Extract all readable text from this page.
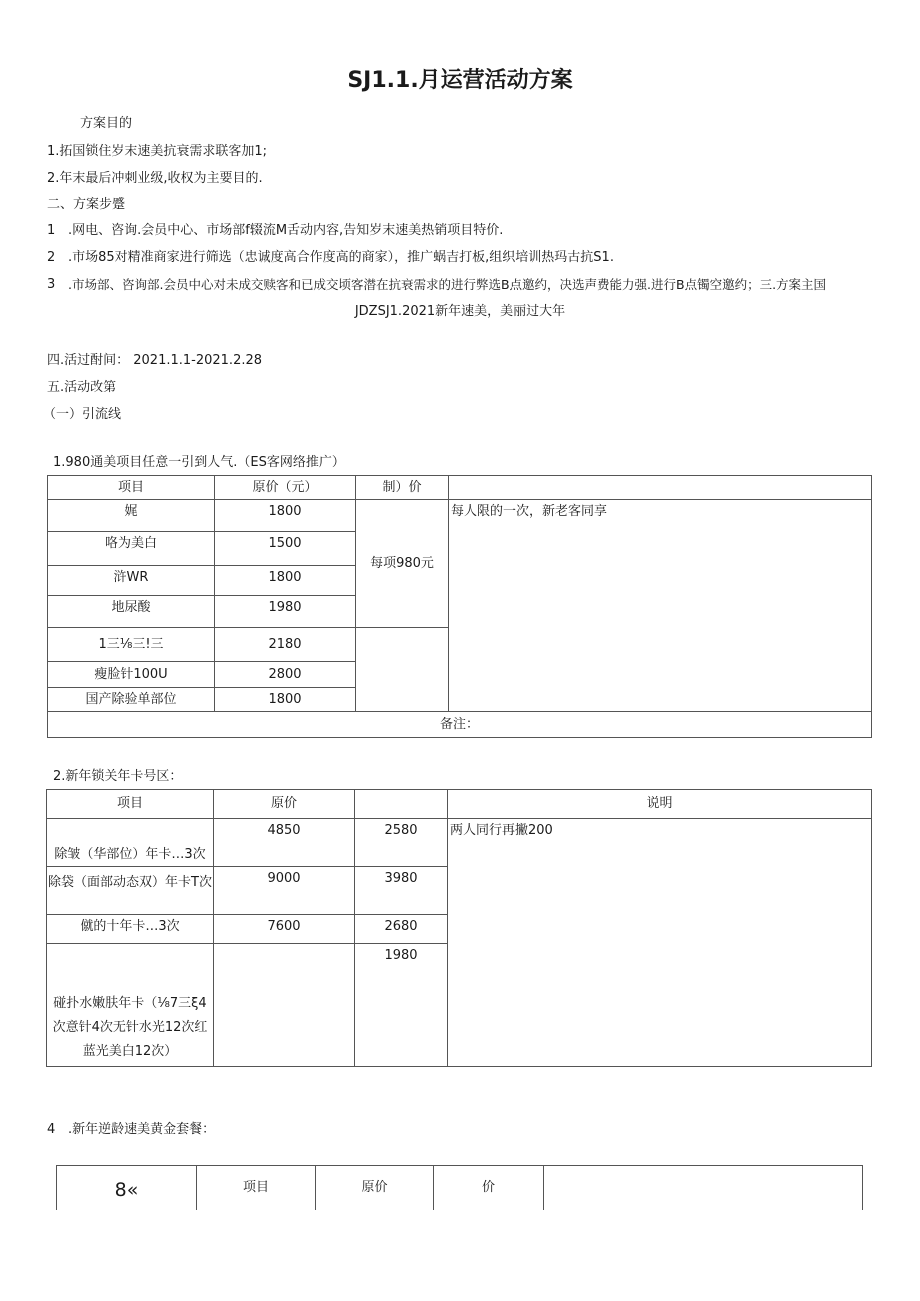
SJ1.1.月运营活动方案
方案目的
1.拓国锁住岁末速美抗衰需求联客加1;
2.年末最后冲刺业级,收权为主要目的.
二、方案步蹙
1 .网电、咨询.会员中心、市场部f辍流M舌动内容,告知岁末速美热销项目特价.
2 .市场85对精准商家进行筛选（忠诚度高合作度高的商家），推广蜗吉打板,组织培训热玛古抗S1.
3 .市场部、咨询部.会员中心对未成交赎客和已成交顷客潜在抗衰需求的进行弊选B点邀约，决选声费能力强.进行B点镯空邀约；三.方案主国
JDZSJ1.2021新年速美，美丽过大年
四.活过酎间： 2021.1.1-2021.2.28
五.活动改第
（一）引流线
1.980通美项目任意一引到人气.（ES客网络推广）
项目	原价（元）	制）价	
娓	1800	每项980元	每人限的一次，新老客同享
咯为美白	1500		
浒WR	1800		
地尿酸	1980		
1三⅛三!三	2180		
瘦脸针100U	2800		
国产除验单部位	1800		
备注：			
2.新年锁关年卡号区：
项目	原价		说明
除皱（华部位）年卡…3次	4850	2580	两人同行再撇200
除袋（面部动态双）年卡T次	9000	3980	
僦的十年卡…3次	7600	2680	
碰扑水嫩肤年卡（⅛7三ξ4次意针4次无针水光12次红蓝光美白12次）		1980	
4 .新年逆龄速美黄金套餐：
8«	项目	原价	价	
